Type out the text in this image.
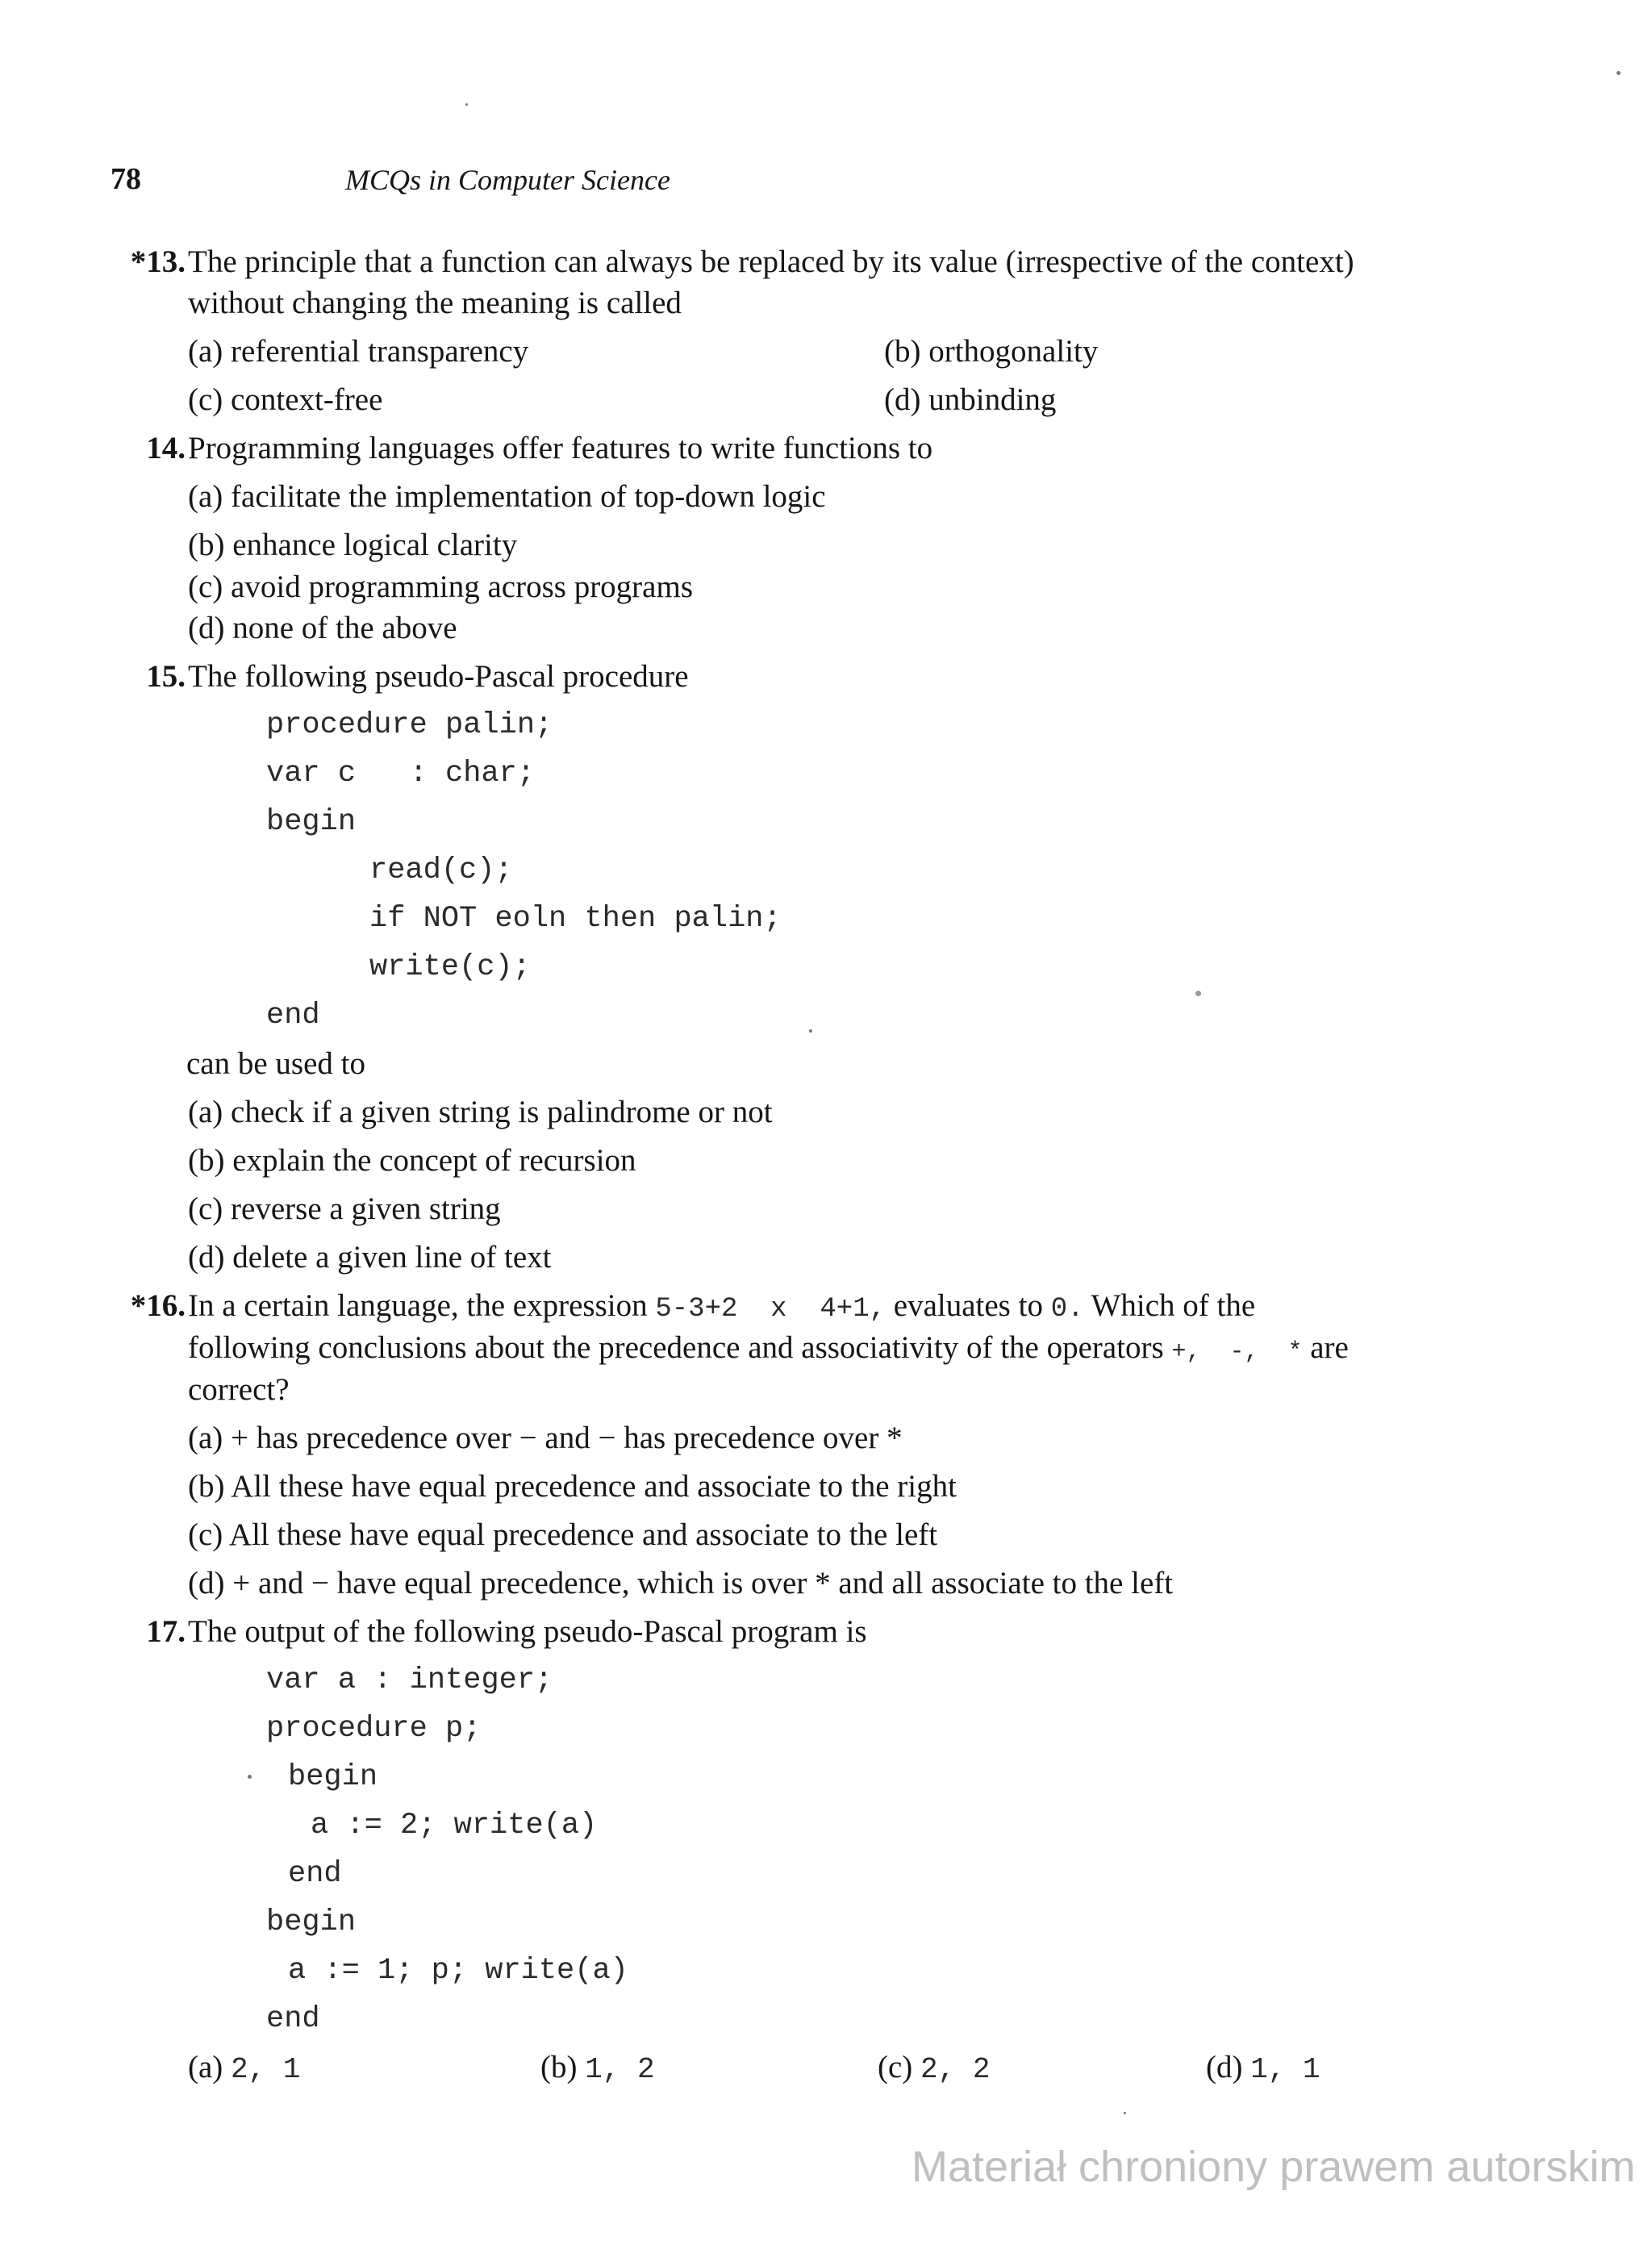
78	MCQs in Computer Science
*13. The principle that a function can always be replaced by its value (irrespective of the context)
without changing the meaning is called
(a) referential transparency	(b) orthogonality
(c) context-free	(d) unbinding
14. Programming languages offer features to write functions to
(a) facilitate the implementation of top-down logic
(b) enhance logical clarity
(c) avoid programming across programs
(d) none of the above
15. The following pseudo-Pascal procedure
procedure palin;
var c   : char;
begin
read(c);
if NOT eoln then palin;
write(c);
end
can be used to
(a) check if a given string is palindrome or not
(b) explain the concept of recursion
(c) reverse a given string
(d) delete a given line of text
*16. In a certain language, the expression 5-3+2  x  4+1, evaluates to 0. Which of the
following conclusions about the precedence and associativity of the operators +,  -,  * are
correct?
(a) + has precedence over − and − has precedence over *
(b) All these have equal precedence and associate to the right
(c) All these have equal precedence and associate to the left
(d) + and − have equal precedence, which is over * and all associate to the left
17. The output of the following pseudo-Pascal program is
var a : integer;
procedure p;
begin
a := 2; write(a)
end
begin
a := 1; p; write(a)
end
(a) 2, 1	(b) 1, 2	(c) 2, 2	(d) 1, 1
Materiał chroniony prawem autorskim
